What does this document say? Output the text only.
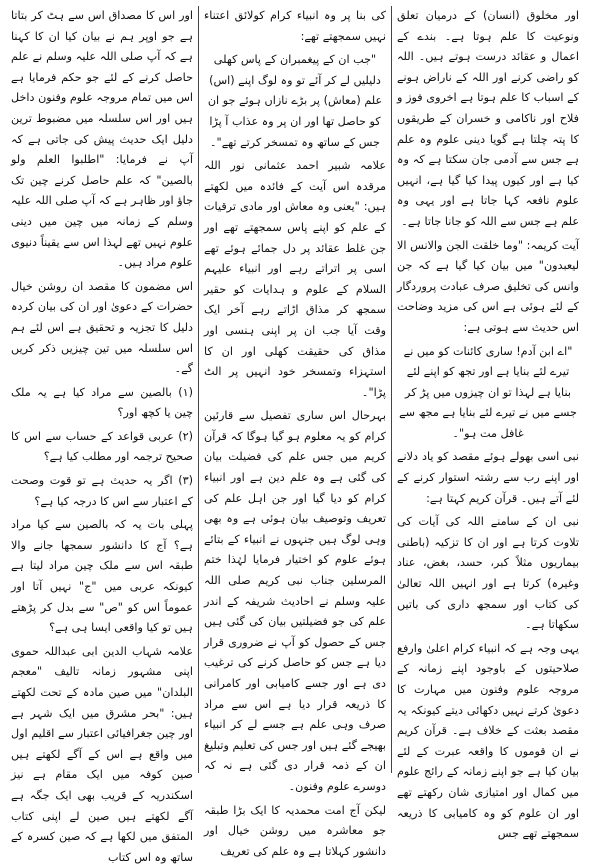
اور مخلوق (انسان) کے درمیان تعلق ونوعیت کا علم ہوتا ہے۔ بندے کے اعمال و عقائد درست ہوتے ہیں۔ اللہ کو راضی کرنے اور اللہ کے ناراض ہونے کے اسباب کا علم ہوتا ہے اخروی فوز و فلاح اور ناکامی و خسران کے طریقوں کا پتہ چلتا ہے گویا دینی علوم وہ علم ہے جس سے آدمی جان سکتا ہے کہ وہ کیا ہے اور کیوں پیدا کیا گیا ہے، انہیں علوم نافعہ کہا جاتا ہے اور یہی وہ علم ہے جس سے اللہ کو جانا جاتا ہے۔

آیت کریمہ: "وما خلقت الجن والانس الا لیعبدون" میں بیان کیا گیا ہے کہ جن وانس کی تخلیق صرف عبادت پروردگار کے لئے ہوئی ہے اس کی مزید وضاحت اس حدیث سے ہوتی ہے:

"اے ابن آدم! ساری کائنات کو میں نے تیرے لئے بنایا ہے اور تجھ کو اپنے لئے بنایا ہے لہذا تو ان چیزوں میں پڑ کر جسے میں نے تیرے لئے بنایا ہے مجھ سے غافل مت ہو"۔

نبی اسی بھولے ہوئے مقصد کو یاد دلانے اور اپنے رب سے رشتہ استوار کرنے کے لئے آتے ہیں۔ قرآن کریم کہتا ہے:

نبی ان کے سامنے اللہ کی آیات کی تلاوت کرتا ہے اور ان کا تزکیہ (باطنی بیماریوں مثلاً کبر، حسد، بغض، عناد وغیرہ) کرتا ہے اور انہیں اللہ تعالیٰ کی کتاب اور سمجھ داری کی باتیں سکھاتا ہے۔

یہی وجہ ہے کہ انبیاء کرام اعلیٰ وارفع صلاحیتوں کے باوجود اپنے زمانہ کے مروجہ علوم وفنون میں مہارت کا دعویٰ کرتے نہیں دکھائی دیتے کیونکہ یہ مقصد بعثت کے خلاف ہے۔ قرآن کریم نے ان قوموں کا واقعہ عبرت کے لئے بیان کیا ہے جو اپنے زمانہ کے رائج علوم میں کمال اور امتیازی شان رکھتے تھے اور ان علوم کو وہ کامیابی کا ذریعہ سمجھتے تھے جس

کی بنا پر وہ انبیاء کرام کولائق اعتناء نہیں سمجھتے تھے:

"جب ان کے پیغمبران کے پاس کھلی دلیلیں لے کر آئے تو وہ لوگ اپنے (اس) علم (معاش) پر بڑے نازاں ہوئے جو ان کو حاصل تھا اور ان پر وہ عذاب آ پڑا جس کے ساتھ وہ تمسخر کرتے تھے"۔

علامہ شبیر احمد عثمانی نور اللہ مرقدہ اس آیت کے فائدہ میں لکھتے ہیں: "یعنی وہ معاش اور مادی ترقیات کے علم کو اپنے پاس سمجھتے تھے اور جن غلط عقائد پر دل جمائے ہوئے تھے اسی پر اتراتے رہے اور انبیاء علیہم السلام کے علوم و ہدایات کو حقیر سمجھ کر مذاق اڑاتے رہے آخر ایک وقت آیا جب ان پر اپنی ہنسی اور مذاق کی حقیقت کھلی اور ان کا استہزاء وتمسخر خود انہیں پر الٹ پڑا"۔

بہرحال اس ساری تفصیل سے قارئین کرام کو یہ معلوم ہو گیا ہوگا کہ قرآن کریم میں جس علم کی فضیلت بیان کی گئی ہے وہ علم دین ہے اور انبیاء کرام کو دیا گیا اور جن اہل علم کی تعریف وتوصیف بیان ہوئی ہے وہ بھی وہی لوگ ہیں جنہوں نے انبیاء کے بتائے ہوئے علوم کو اختیار فرمایا لہٰذا ختم المرسلین جناب نبی کریم صلی اللہ علیہ وسلم نے احادیث شریفہ کے اندر علم کی جو فضیلتیں بیان کی گئی ہیں جس کے حصول کو آپ نے ضروری قرار دیا ہے جس کو حاصل کرنے کی ترغیب دی ہے اور جسے کامیابی اور کامرانی کا ذریعہ قرار دیا ہے اس سے مراد صرف وہی علم ہے جسے لے کر انبیاء بھیجے گئے ہیں اور جس کی تعلیم وتبلیغ ان کے ذمہ قرار دی گئی ہے نہ کہ دوسرے علوم وفنون۔

لیکن آج امت محمدیہ کا ایک بڑا طبقہ جو معاشرہ میں روشن خیال اور دانشور کہلاتا ہے وہ علم کی تعریف

اور اس کا مصداق اس سے ہٹ کر بتاتا ہے جو اوپر ہم نے بیان کیا ان کا کہنا ہے کہ آپ صلی اللہ علیہ وسلم نے علم حاصل کرنے کے لئے جو حکم فرمایا ہے اس میں تمام مروجہ علوم وفنون داخل ہیں اور اس سلسلہ میں مضبوط ترین دلیل ایک حدیث پیش کی جاتی ہے کہ آپ نے فرمایا: "اطلبوا العلم ولو بالصین" کہ علم حاصل کرنے چین تک جاؤ اور ظاہر ہے کہ آپ صلی اللہ علیہ وسلم کے زمانہ میں چین میں دینی علوم نہیں تھے لہذا اس سے یقیناً دنیوی علوم مراد ہیں۔

اس مضمون کا مقصد ان روشن خیال حضرات کے دعویٰ اور ان کی بیان کردہ دلیل کا تجزیہ و تحقیق ہے اس لئے ہم اس سلسلہ میں تین چیزیں ذکر کریں گے۔

(۱) بالصین سے مراد کیا ہے یہ ملک چین یا کچھ اور؟

(۲) عربی قواعد کے حساب سے اس کا صحیح ترجمہ اور مطلب کیا ہے؟

(۳) اگر یہ حدیث ہے تو قوت وصحت کے اعتبار سے اس کا درجہ کیا ہے؟

پہلی بات یہ کہ بالصین سے کیا مراد ہے؟ آج کا دانشور سمجھا جانے والا طبقہ اس سے ملک چین مراد لیتا ہے کیونکہ عربی میں "ج" نہیں آتا اور عموماً اس کو "ص" سے بدل کر پڑھتے ہیں تو کیا واقعی ایسا ہی ہے؟

علامہ شہاب الدین ابی عبداللہ حموی اپنی مشہور زمانہ تالیف "معجم البلدان" میں صین مادہ کے تحت لکھتے ہیں: "بحر مشرق میں ایک شہر ہے اور چین جغرافیائی اعتبار سے اقلیم اول میں واقع ہے اس کے آگے لکھتے ہیں صین کوفہ میں ایک مقام ہے نیز اسکندریہ کے قریب بھی ایک جگہ ہے آگے لکھتے ہیں صین لے اپنی کتاب المتفق میں لکھا ہے کہ صین کسرہ کے ساتھ وہ اس کتاب
